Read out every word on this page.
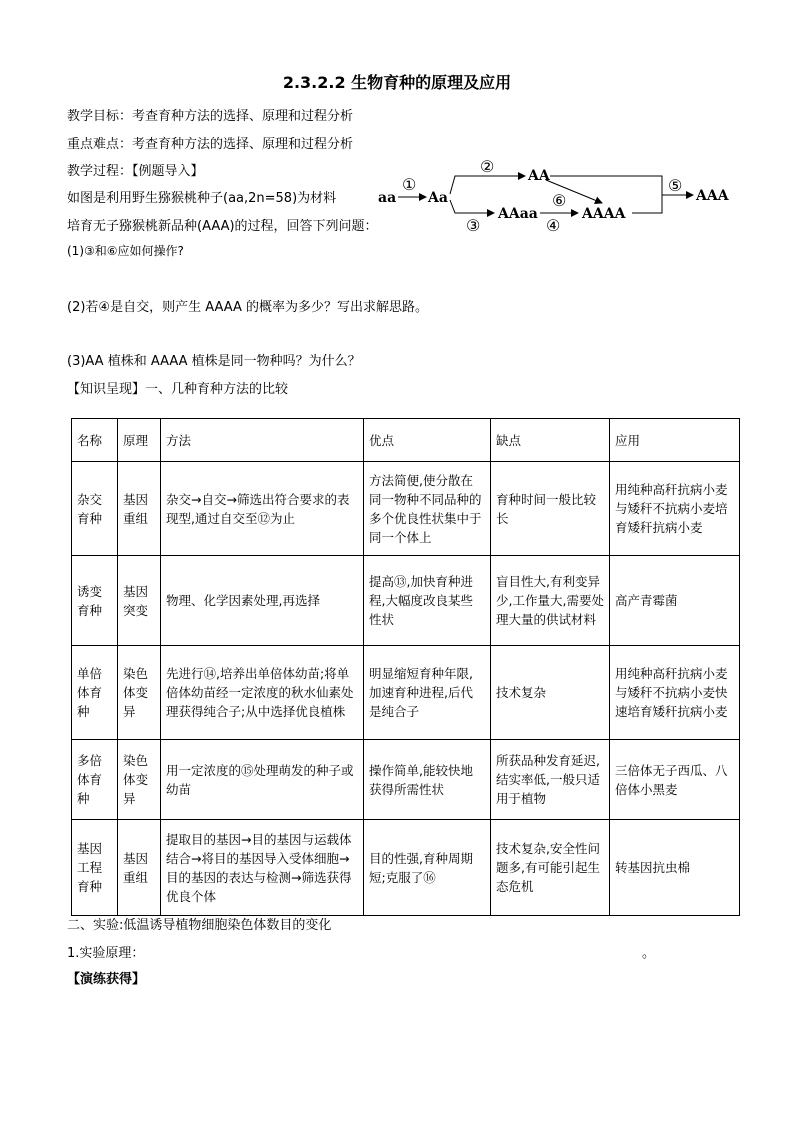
2.3.2.2 生物育种的原理及应用
教学目标：考查育种方法的选择、原理和过程分析
重点难点：考查育种方法的选择、原理和过程分析
教学过程：【例题导入】
如图是利用野生猕猴桃种子(aa,2n=58)为材料
培育无子猕猴桃新品种(AAA)的过程，回答下列问题：
aa Aa
AA
AAaa	AAAA
AAA
①
②
③	④
⑥
⑤
(1)③和⑥应如何操作?
(2)若④是自交，则产生 AAAA 的概率为多少？写出求解思路。
(3)AA 植株和 AAAA 植株是同一物种吗？为什么？
【知识呈现】一、几种育种方法的比较
名称	原理	方法	优点	缺点	应用
杂交育种	基因重组	杂交→自交→筛选出符合要求的表现型,通过自交至⑫为止	方法简便,使分散在同一物种不同品种的多个优良性状集中于同一个体上	育种时间一般比较长	用纯种高秆抗病小麦与矮秆不抗病小麦培育矮秆抗病小麦
诱变育种	基因突变	物理、化学因素处理,再选择	提高⑬,加快育种进程,大幅度改良某些性状	盲目性大,有利变异少,工作量大,需要处理大量的供试材料	高产青霉菌
单倍体育种	染色体变异	先进行⑭,培养出单倍体幼苗;将单倍体幼苗经一定浓度的秋水仙素处理获得纯合子;从中选择优良植株	明显缩短育种年限,加速育种进程,后代是纯合子	技术复杂	用纯种高秆抗病小麦与矮秆不抗病小麦快速培育矮秆抗病小麦
多倍体育种	染色体变异	用一定浓度的⑮处理萌发的种子或幼苗	操作简单,能较快地获得所需性状	所获品种发育延迟,结实率低,一般只适用于植物	三倍体无子西瓜、八倍体小黑麦
基因工程育种	基因重组	提取目的基因→目的基因与运载体结合→将目的基因导入受体细胞→目的基因的表达与检测→筛选获得优良个体	目的性强,育种周期短;克服了⑯	技术复杂,安全性问题多,有可能引起生态危机	转基因抗虫棉
二、实验:低温诱导植物细胞染色体数目的变化
1.实验原理：	。
【演练获得】
